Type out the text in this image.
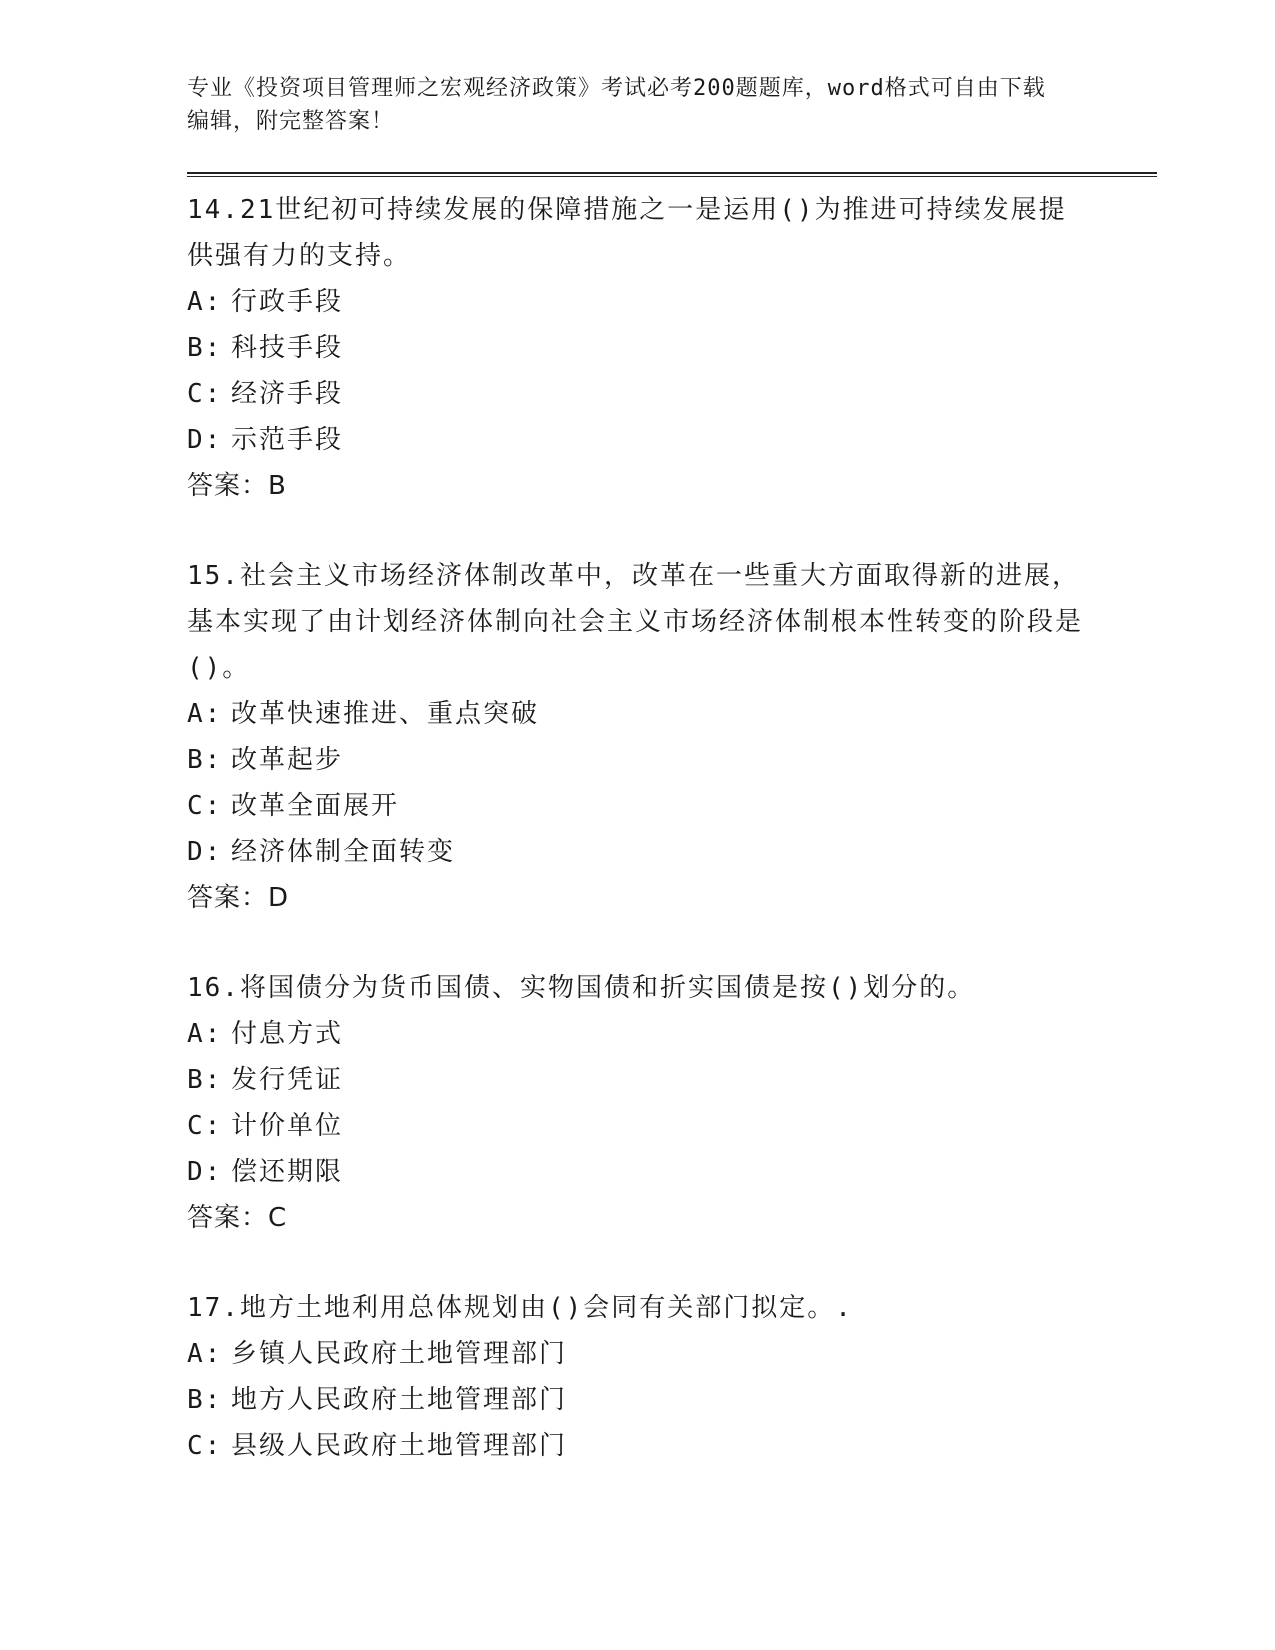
专业《投资项目管理师之宏观经济政策》考试必考200题题库，word格式可自由下载编辑，附完整答案！

14.21世纪初可持续发展的保障措施之一是运用()为推进可持续发展提供强有力的支持。

A: 行政手段

B: 科技手段

C: 经济手段

D: 示范手段

答案：B

15.社会主义市场经济体制改革中，改革在一些重大方面取得新的进展，基本实现了由计划经济体制向社会主义市场经济体制根本性转变的阶段是()。

A: 改革快速推进、重点突破

B: 改革起步

C: 改革全面展开

D: 经济体制全面转变

答案：D

16.将国债分为货币国债、实物国债和折实国债是按()划分的。

A: 付息方式

B: 发行凭证

C: 计价单位

D: 偿还期限

答案：C

17.地方土地利用总体规划由()会同有关部门拟定。.

A: 乡镇人民政府土地管理部门

B: 地方人民政府土地管理部门

C: 县级人民政府土地管理部门
